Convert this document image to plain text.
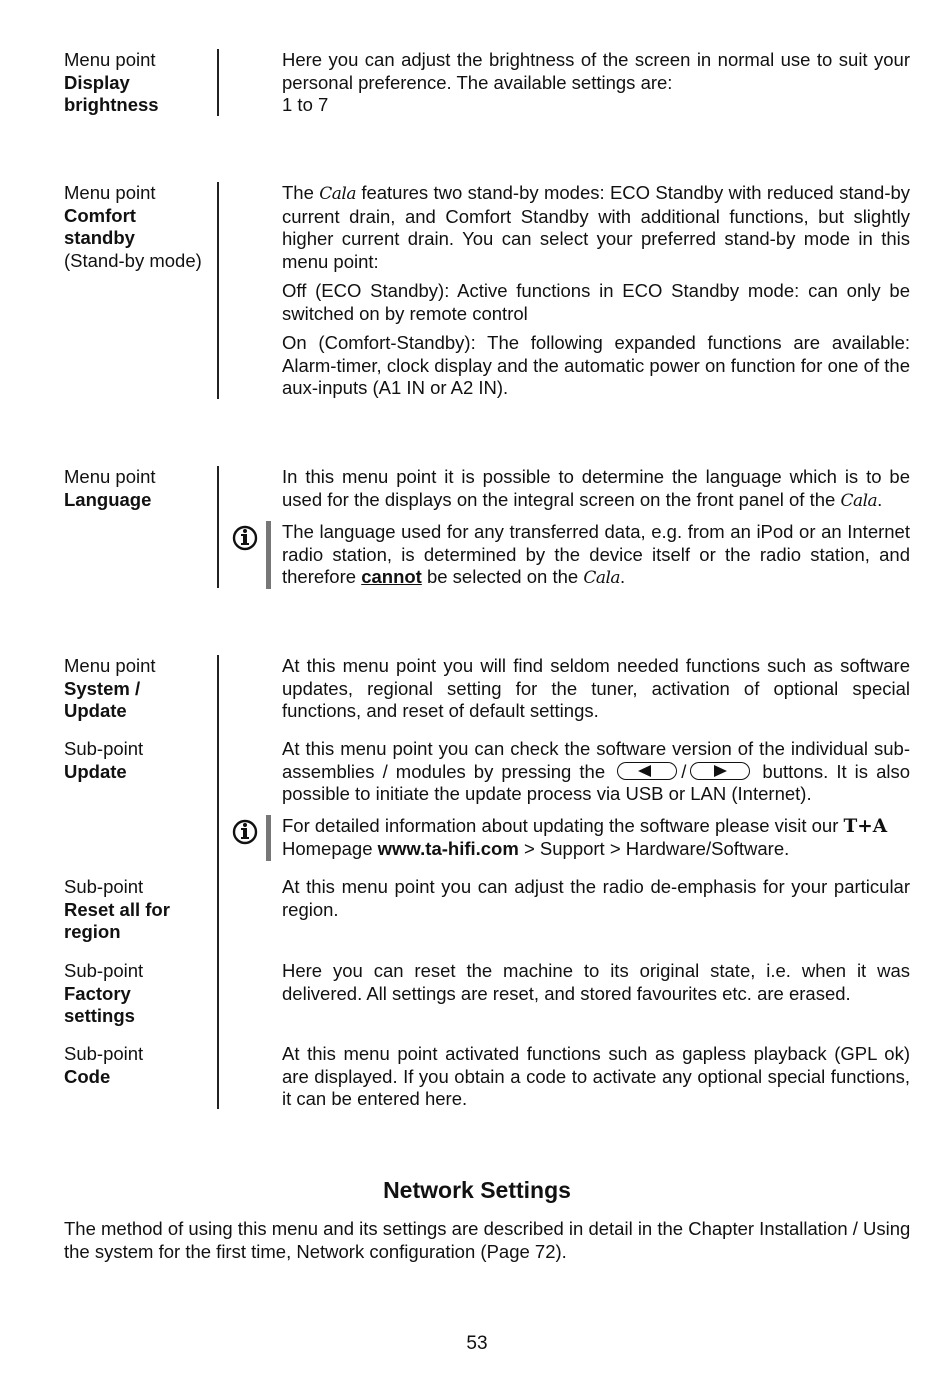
Menu point
Display brightness
Here you can adjust the brightness of the screen in normal use to suit your personal preference. The available settings are:
1 to 7
Menu point
Comfort standby
(Stand-by mode)

The Cala features two stand-by modes: ECO Standby with reduced stand-by current drain, and Comfort Standby with additional functions, but slightly higher current drain. You can select your preferred stand-by mode in this menu point:

Off (ECO Standby): Active functions in ECO Standby mode: can only be switched on by remote control

On (Comfort-Standby): The following expanded functions are available: Alarm-timer, clock display and the automatic power on function for one of the aux-inputs (A1 IN or A2 IN).

Menu point
Language

In this menu point it is possible to determine the language which is to be used for the displays on the integral screen on the front panel of the Cala.

The language used for any transferred data, e.g. from an iPod or an Internet radio station, is determined by the device itself or the radio station, and therefore cannot be selected on the Cala.
Menu point
System / Update
At this menu point you will find seldom needed functions such as software updates, regional setting for the tuner, activation of optional special functions, and reset of default settings.
Sub-point
Update

At this menu point you can check the software version of the individual sub-assemblies / modules by pressing the	/	buttons. It is also possible to initiate the update process via USB or LAN (Internet).

For detailed information about updating the software please visit our T+A
Homepage www.ta-hifi.com > Support > Hardware/Software.
Sub-point
Reset all for region
At this menu point you can adjust the radio de-emphasis for your particular region.
Sub-point
Factory settings
Here you can reset the machine to its original state, i.e. when it was delivered. All settings are reset, and stored favourites etc. are erased.
Sub-point
Code
At this menu point activated functions such as gapless playback (GPL ok) are displayed. If you obtain a code to activate any optional special functions, it can be entered here.
Network Settings
The method of using this menu and its settings are described in detail in the Chapter Installation / Using the system for the first time, Network configuration (Page 72).
53
